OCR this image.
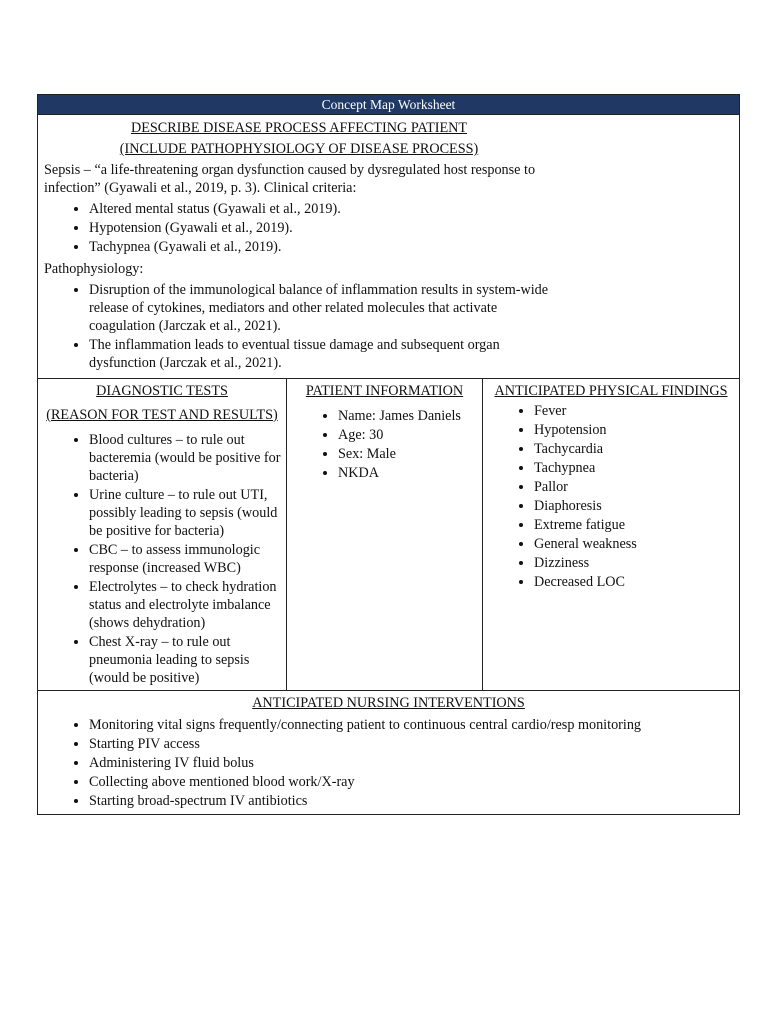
Concept Map Worksheet
DESCRIBE DISEASE PROCESS AFFECTING PATIENT
(INCLUDE PATHOPHYSIOLOGY OF DISEASE PROCESS)
Sepsis – “a life-threatening organ dysfunction caused by dysregulated host response to infection” (Gyawali et al., 2019, p. 3). Clinical criteria:
• Altered mental status (Gyawali et al., 2019).
• Hypotension (Gyawali et al., 2019).
• Tachypnea (Gyawali et al., 2019).
Pathophysiology:
• Disruption of the immunological balance of inflammation results in system-wide release of cytokines, mediators and other related molecules that activate coagulation (Jarczak et al., 2021).
• The inflammation leads to eventual tissue damage and subsequent organ dysfunction (Jarczak et al., 2021).
DIAGNOSTIC TESTS
(REASON FOR TEST AND RESULTS)
• Blood cultures – to rule out bacteremia (would be positive for bacteria)
• Urine culture – to rule out UTI, possibly leading to sepsis (would be positive for bacteria)
• CBC – to assess immunologic response (increased WBC)
• Electrolytes – to check hydration status and electrolyte imbalance (shows dehydration)
• Chest X-ray – to rule out pneumonia leading to sepsis (would be positive)
PATIENT INFORMATION
• Name: James Daniels
• Age: 30
• Sex: Male
• NKDA
ANTICIPATED PHYSICAL FINDINGS
• Fever
• Hypotension
• Tachycardia
• Tachypnea
• Pallor
• Diaphoresis
• Extreme fatigue
• General weakness
• Dizziness
• Decreased LOC
ANTICIPATED NURSING INTERVENTIONS
• Monitoring vital signs frequently/connecting patient to continuous central cardio/resp monitoring
• Starting PIV access
• Administering IV fluid bolus
• Collecting above mentioned blood work/X-ray
• Starting broad-spectrum IV antibiotics
